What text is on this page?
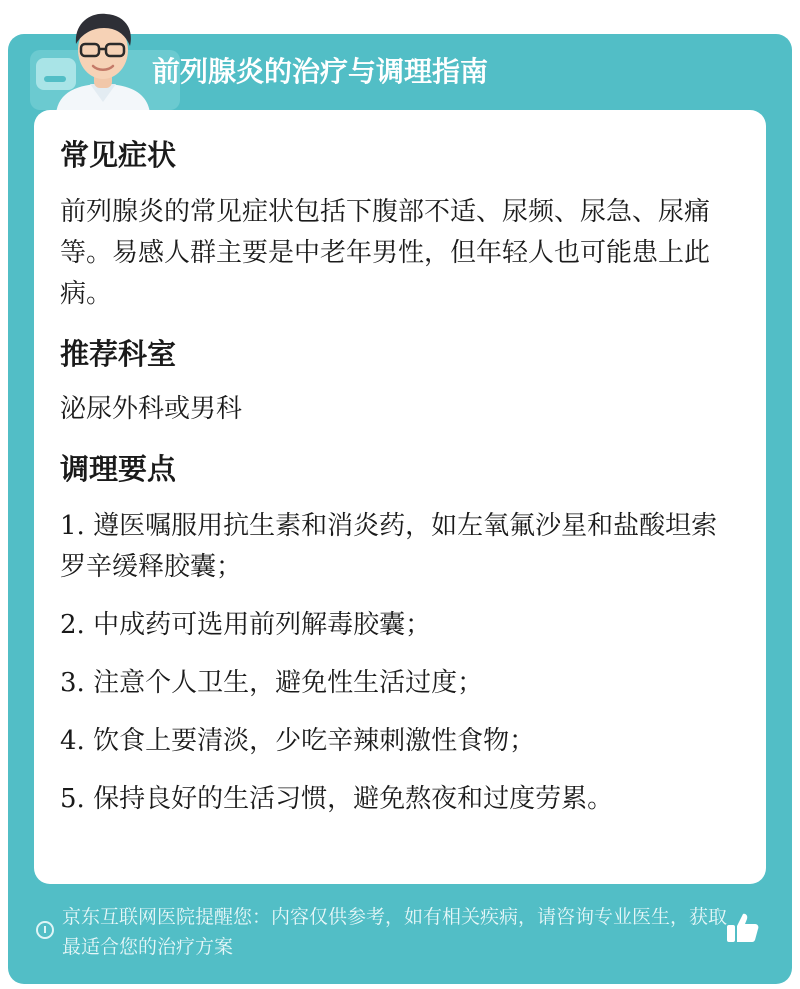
前列腺炎的治疗与调理指南
常见症状

前列腺炎的常见症状包括下腹部不适、尿频、尿急、尿痛等。易感人群主要是中老年男性，但年轻人也可能患上此病。

推荐科室

泌尿外科或男科

调理要点

1. 遵医嘱服用抗生素和消炎药，如左氧氟沙星和盐酸坦索罗辛缓释胶囊；

2. 中成药可选用前列解毒胶囊；

3. 注意个人卫生，避免性生活过度；

4. 饮食上要清淡，少吃辛辣刺激性食物；

5. 保持良好的生活习惯，避免熬夜和过度劳累。

京东互联网医院提醒您：内容仅供参考，如有相关疾病，请咨询专业医生，获取最适合您的治疗方案
